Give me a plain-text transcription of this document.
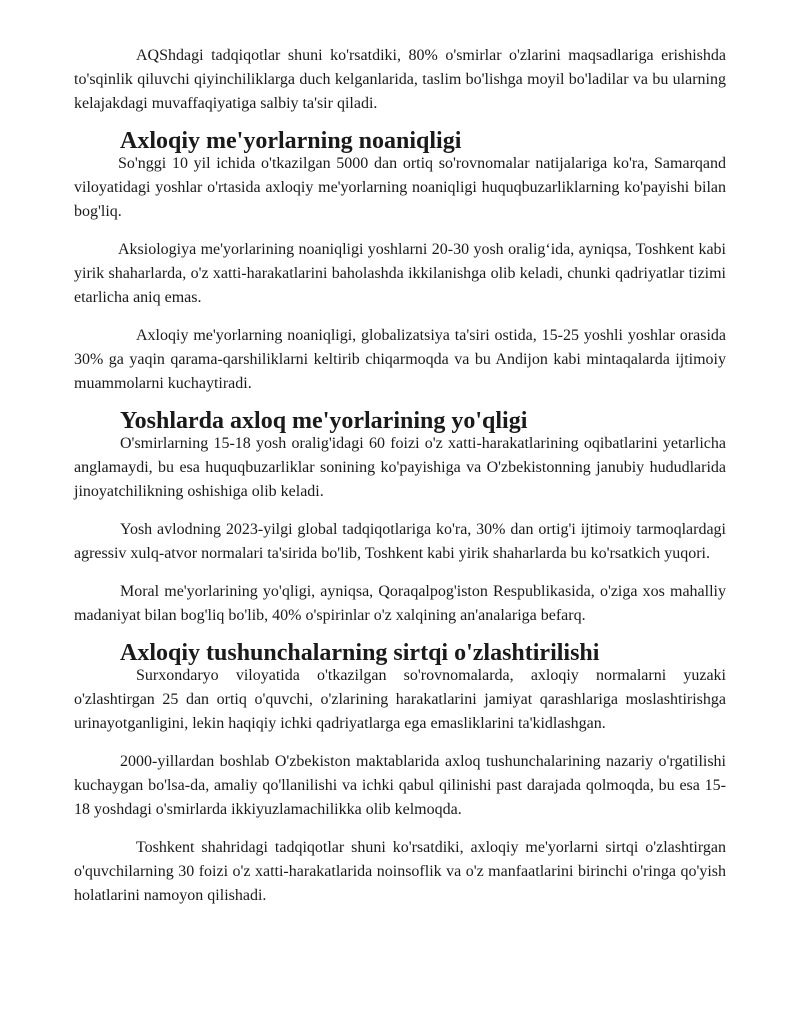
AQShdagi tadqiqotlar shuni ko'rsatdiki, 80% o'smirlar o'zlarini maqsadlariga erishishda to'sqinlik qiluvchi qiyinchiliklarga duch kelganlarida, taslim bo'lishga moyil bo'ladilar va bu ularning kelajakdagi muvaffaqiyatiga salbiy ta'sir qiladi.

Axloqiy me'yorlarning noaniqligi

So'nggi 10 yil ichida o'tkazilgan 5000 dan ortiq so'rovnomalar natijalariga ko'ra, Samarqand viloyatidagi yoshlar o'rtasida axloqiy me'yorlarning noaniqligi huquqbuzarliklarning ko'payishi bilan bog'liq.

Aksiologiya me'yorlarining noaniqligi yoshlarni 20-30 yosh oralig‘ida, ayniqsa, Toshkent kabi yirik shaharlarda, o'z xatti-harakatlarini baholashda ikkilanishga olib keladi, chunki qadriyatlar tizimi etarlicha aniq emas.

Axloqiy me'yorlarning noaniqligi, globalizatsiya ta'siri ostida, 15-25 yoshli yoshlar orasida 30% ga yaqin qarama-qarshiliklarni keltirib chiqarmoqda va bu Andijon kabi mintaqalarda ijtimoiy muammolarni kuchaytiradi.

Yoshlarda axloq me'yorlarining yo'qligi

O'smirlarning 15-18 yosh oralig'idagi 60 foizi o'z xatti-harakatlarining oqibatlarini yetarlicha anglamaydi, bu esa huquqbuzarliklar sonining ko'payishiga va O'zbekistonning janubiy hududlarida jinoyatchilikning oshishiga olib keladi.

Yosh avlodning 2023-yilgi global tadqiqotlariga ko'ra, 30% dan ortig'i ijtimoiy tarmoqlardagi agressiv xulq-atvor normalari ta'sirida bo'lib, Toshkent kabi yirik shaharlarda bu ko'rsatkich yuqori.

Moral me'yorlarining yo'qligi, ayniqsa, Qoraqalpog'iston Respublikasida, o'ziga xos mahalliy madaniyat bilan bog'liq bo'lib, 40% o'spirinlar o'z xalqining an'analariga befarq.

Axloqiy tushunchalarning sirtqi o'zlashtirilishi

Surxondaryo viloyatida o'tkazilgan so'rovnomalarda, axloqiy normalarni yuzaki o'zlashtirgan 25 dan ortiq o'quvchi, o'zlarining harakatlarini jamiyat qarashlariga moslashtirishga urinayotganligini, lekin haqiqiy ichki qadriyatlarga ega emasliklarini ta'kidlashgan.

2000-yillardan boshlab O'zbekiston maktablarida axloq tushunchalarining nazariy o'rgatilishi kuchaygan bo'lsa-da, amaliy qo'llanilishi va ichki qabul qilinishi past darajada qolmoqda, bu esa 15-18 yoshdagi o'smirlarda ikkiyuzlamachilikka olib kelmoqda.

Toshkent shahridagi tadqiqotlar shuni ko'rsatdiki, axloqiy me'yorlarni sirtqi o'zlashtirgan o'quvchilarning 30 foizi o'z xatti-harakatlarida noinsoflik va o'z manfaatlarini birinchi o'ringa qo'yish holatlarini namoyon qilishadi.
